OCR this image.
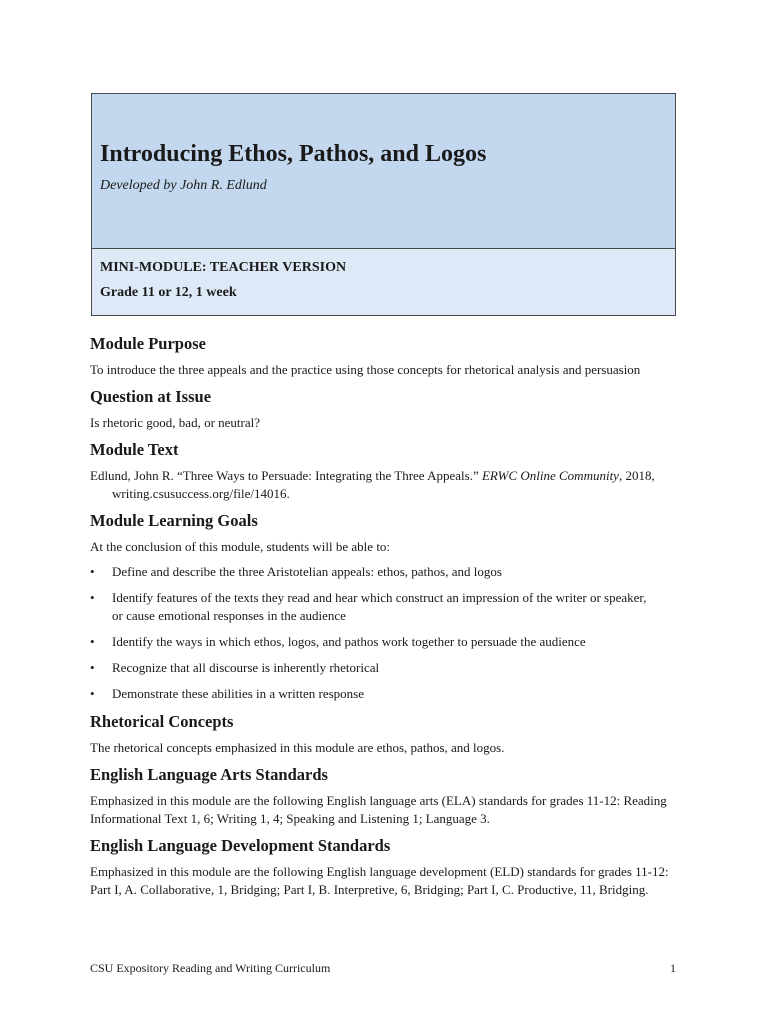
Introducing Ethos, Pathos, and Logos
Developed by John R. Edlund
MINI-MODULE: TEACHER VERSION
Grade 11 or 12, 1 week
Module Purpose

To introduce the three appeals and the practice using those concepts for rhetorical analysis and persuasion

Question at Issue

Is rhetoric good, bad, or neutral?

Module Text

Edlund, John R. “Three Ways to Persuade: Integrating the Three Appeals.” ERWC Online Community, 2018, writing.csusuccess.org/file/14016.

Module Learning Goals

At the conclusion of this module, students will be able to:

• Define and describe the three Aristotelian appeals: ethos, pathos, and logos
• Identify features of the texts they read and hear which construct an impression of the writer or speaker, or cause emotional responses in the audience
• Identify the ways in which ethos, logos, and pathos work together to persuade the audience
• Recognize that all discourse is inherently rhetorical
• Demonstrate these abilities in a written response
Rhetorical Concepts

The rhetorical concepts emphasized in this module are ethos, pathos, and logos.

English Language Arts Standards

Emphasized in this module are the following English language arts (ELA) standards for grades 11-12: Reading Informational Text 1, 6; Writing 1, 4; Speaking and Listening 1; Language 3.

English Language Development Standards

Emphasized in this module are the following English language development (ELD) standards for grades 11-12: Part I, A. Collaborative, 1, Bridging; Part I, B. Interpretive, 6, Bridging; Part I, C. Productive, 11, Bridging.

CSU Expository Reading and Writing Curriculum	1
